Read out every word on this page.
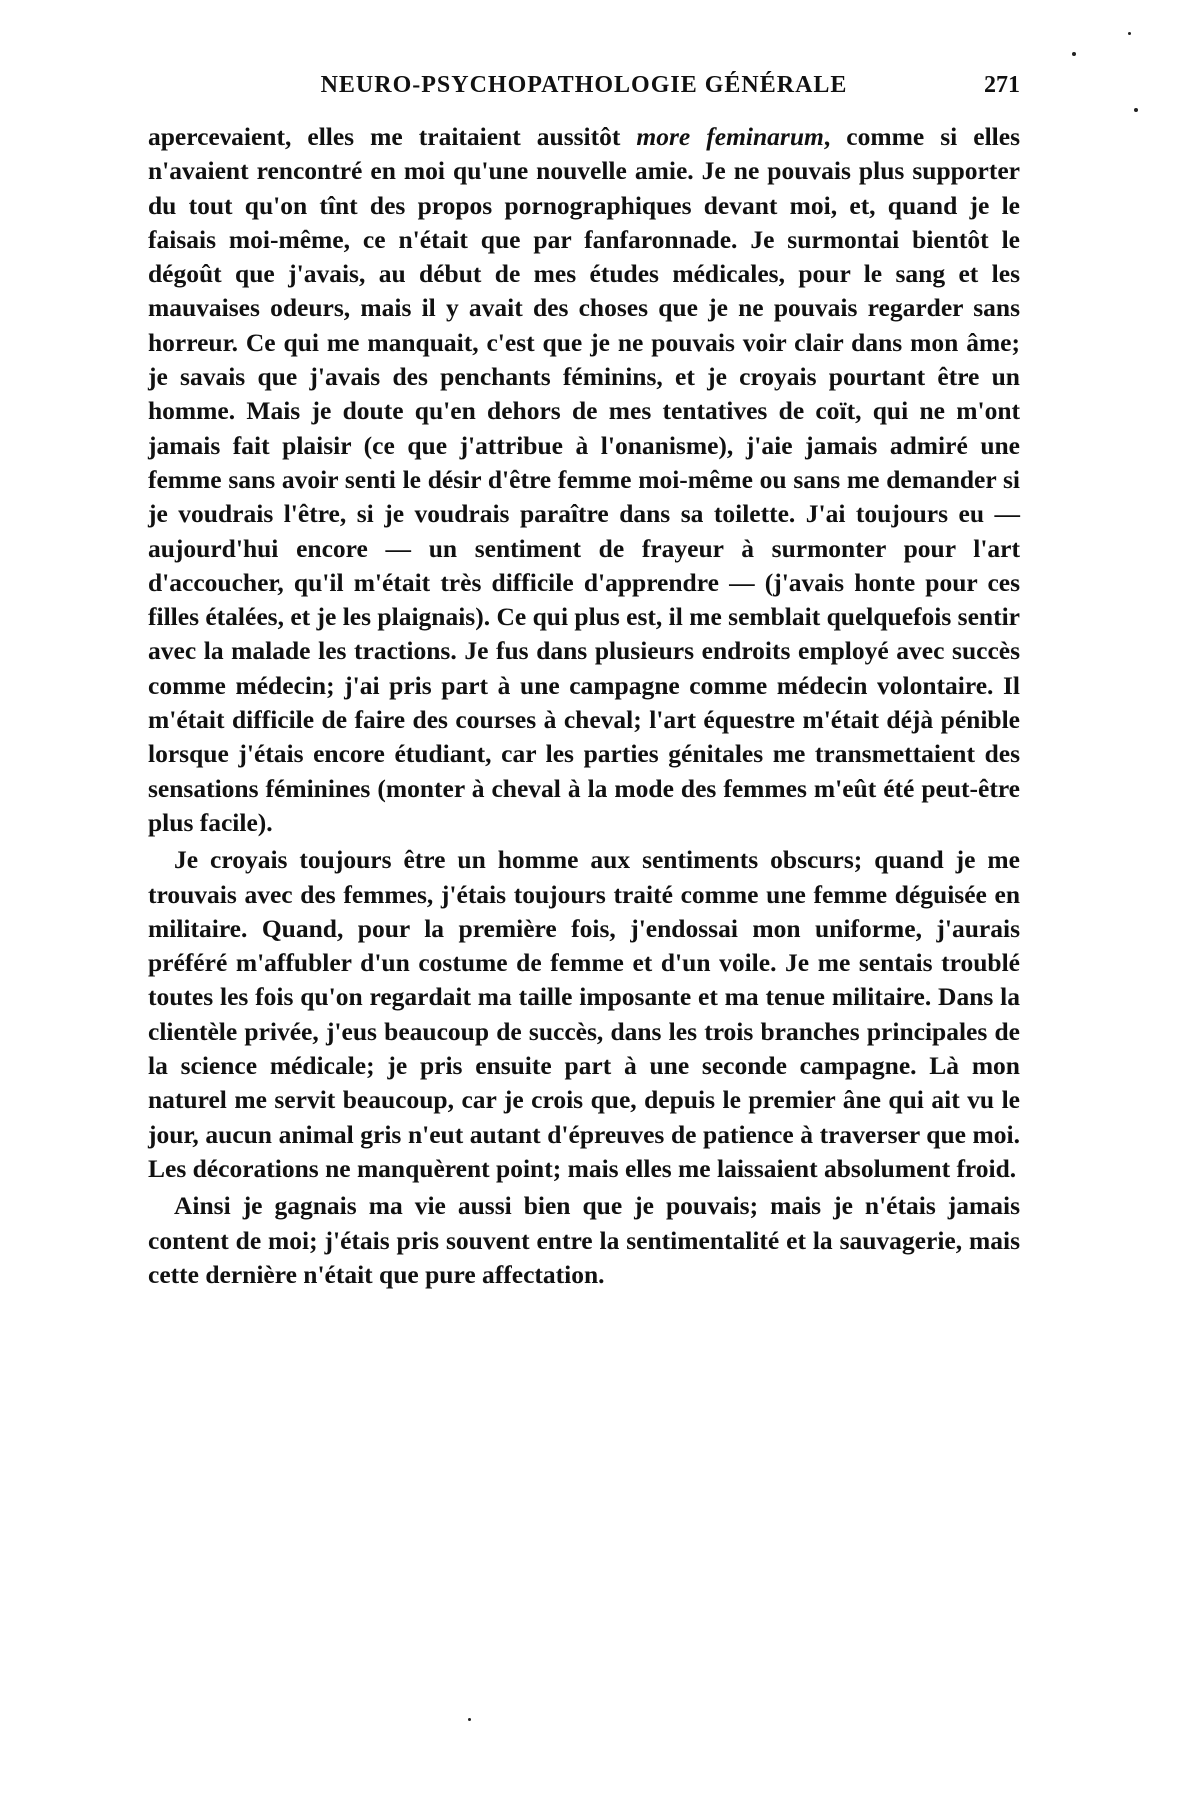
NEURO-PSYCHOPATHOLOGIE GÉNÉRALE	271

aperceνaient, elles me traitaient aussitôt more feminarum, comme si elles n'avaient rencontré en moi qu'une nouvelle amie. Je ne pouvais plus supporter du tout qu'on tînt des propos pornographiques devant moi, et, quand je le faisais moi-même, ce n'était que par fanfaronnade. Je surmontai bientôt le dégoût que j'avais, au début de mes études médicales, pour le sang et les mauvaises odeurs, mais il y avait des choses que je ne pouvais regarder sans horreur. Ce qui me manquait, c'est que je ne pouvais voir clair dans mon âme; je savais que j'avais des penchants féminins, et je croyais pourtant être un homme. Mais je doute qu'en dehors de mes tentatives de coït, qui ne m'ont jamais fait plaisir (ce que j'attribue à l'onanisme), j'aie jamais admiré une femme sans avoir senti le désir d'être femme moi-même ou sans me demander si je voudrais l'être, si je voudrais paraître dans sa toilette. J'ai toujours eu — aujourd'hui encore — un sentiment de frayeur à surmonter pour l'art d'accoucher, qu'il m'était très difficile d'apprendre — (j'avais honte pour ces filles étalées, et je les plaignais). Ce qui plus est, il me semblait quelquefois sentir avec la malade les tractions. Je fus dans plusieurs endroits employé avec succès comme médecin; j'ai pris part à une campagne comme médecin volontaire. Il m'était difficile de faire des courses à cheval; l'art équestre m'était déjà pénible lorsque j'étais encore étudiant, car les parties génitales me transmettaient des sensations féminines (monter à cheval à la mode des femmes m'eût été peut-être plus facile).

Je croyais toujours être un homme aux sentiments obscurs; quand je me trouvais avec des femmes, j'étais toujours traité comme une femme déguisée en militaire. Quand, pour la première fois, j'endossai mon uniforme, j'aurais préféré m'affubler d'un costume de femme et d'un voile. Je me sentais troublé toutes les fois qu'on regardait ma taille imposante et ma tenue militaire. Dans la clientèle privée, j'eus beaucoup de succès, dans les trois branches principales de la science médicale; je pris ensuite part à une seconde campagne. Là mon naturel me servit beaucoup, car je crois que, depuis le premier âne qui ait vu le jour, aucun animal gris n'eut autant d'épreuves de patience à traverser que moi. Les décorations ne manquèrent point; mais elles me laissaient absolument froid.

Ainsi je gagnais ma vie aussi bien que je pouvais; mais je n'étais jamais content de moi; j'étais pris souvent entre la sentimentalité et la sauvagerie, mais cette dernière n'était que pure affectation.
